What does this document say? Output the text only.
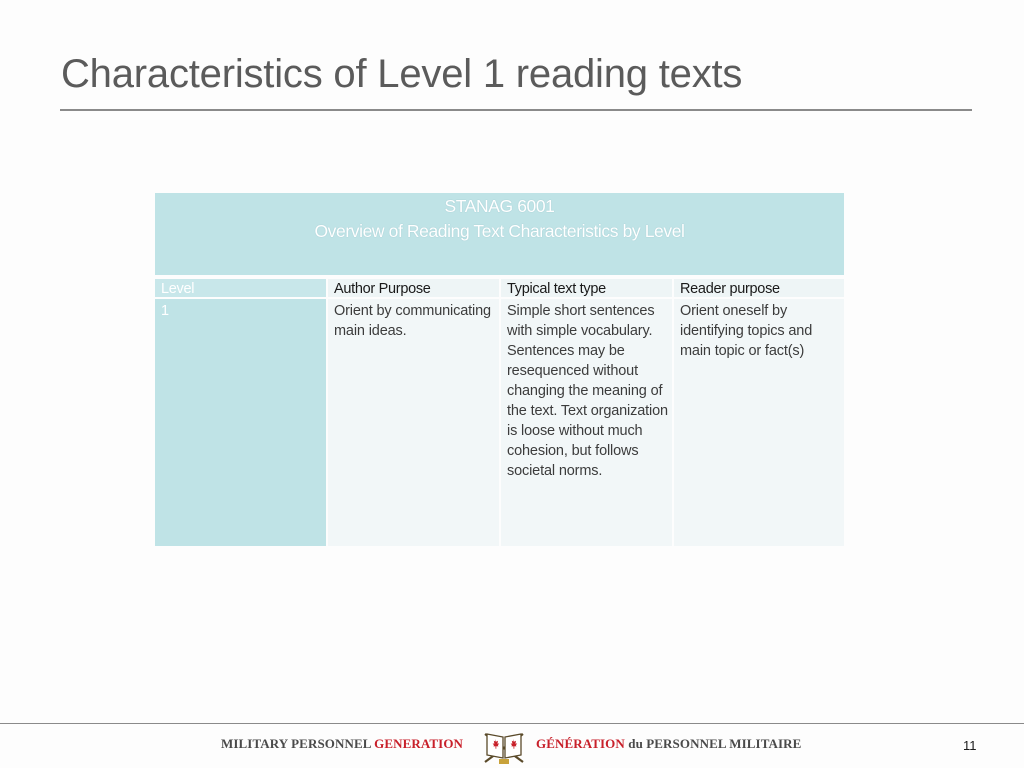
Characteristics of Level 1 reading texts
STANAG 6001
Overview of Reading Text Characteristics by Level
Level
1
Author Purpose
Orient by communicating main ideas.
Typical text type
Simple short sentences with simple vocabulary. Sentences may be resequenced without changing the meaning of the text. Text organization is loose without much cohesion, but follows societal norms.
Reader purpose
Orient oneself by identifying topics and main topic or fact(s)
MILITARY PERSONNEL GENERATION	GÉNÉRATION du PERSONNEL MILITAIRE	11
